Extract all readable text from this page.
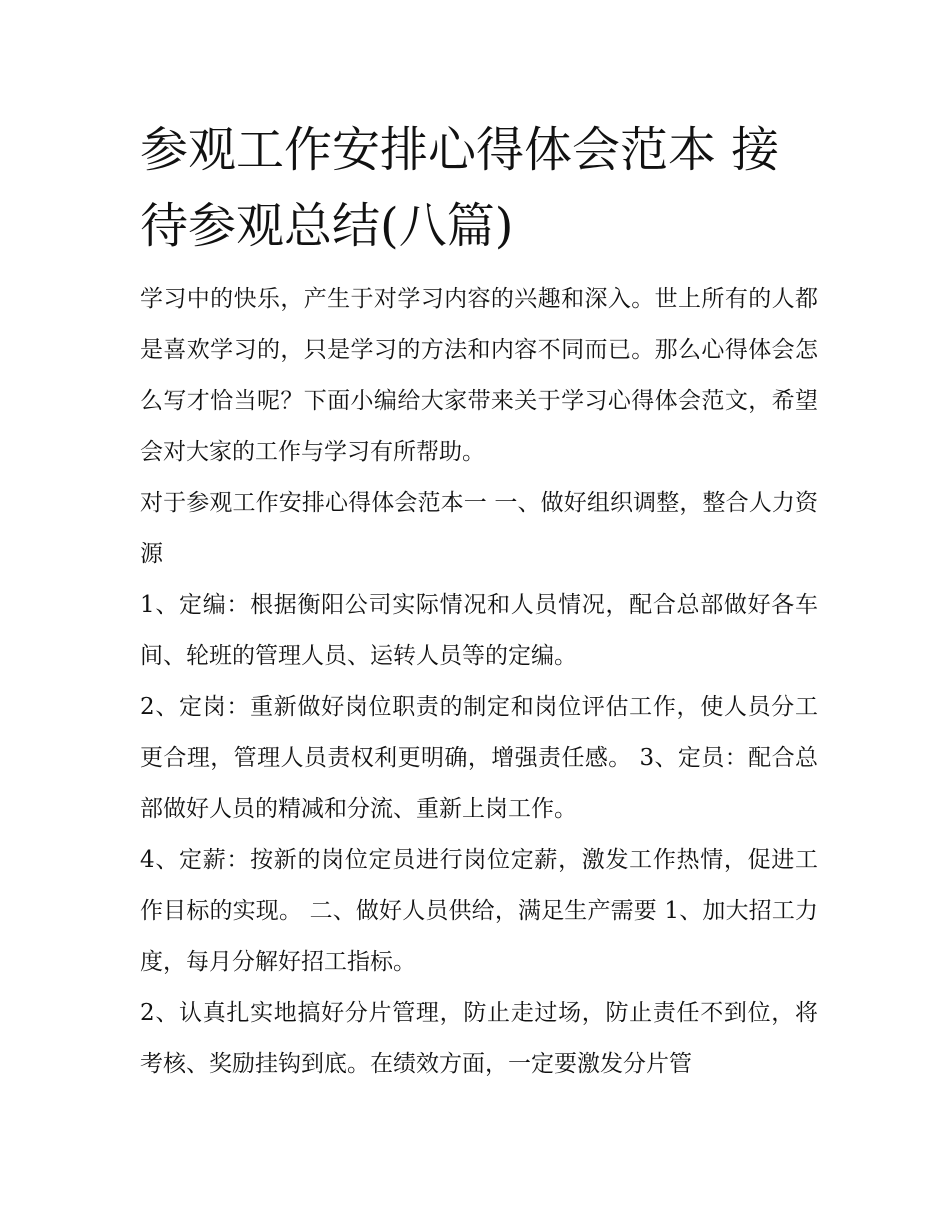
参观工作安排心得体会范本 接待参观总结(八篇)

学习中的快乐，产生于对学习内容的兴趣和深入。世上所有的人都是喜欢学习的，只是学习的方法和内容不同而已。那么心得体会怎么写才恰当呢？下面小编给大家带来关于学习心得体会范文，希望会对大家的工作与学习有所帮助。

对于参观工作安排心得体会范本一 一、做好组织调整，整合人力资源

1、定编：根据衡阳公司实际情况和人员情况，配合总部做好各车间、轮班的管理人员、运转人员等的定编。

2、定岗：重新做好岗位职责的制定和岗位评估工作，使人员分工更合理，管理人员责权利更明确，增强责任感。 3、定员：配合总部做好人员的精减和分流、重新上岗工作。

4、定薪：按新的岗位定员进行岗位定薪，激发工作热情，促进工作目标的实现。 二、做好人员供给，满足生产需要 1、加大招工力度，每月分解好招工指标。

2、认真扎实地搞好分片管理，防止走过场，防止责任不到位，将考核、奖励挂钩到底。在绩效方面，一定要激发分片管
